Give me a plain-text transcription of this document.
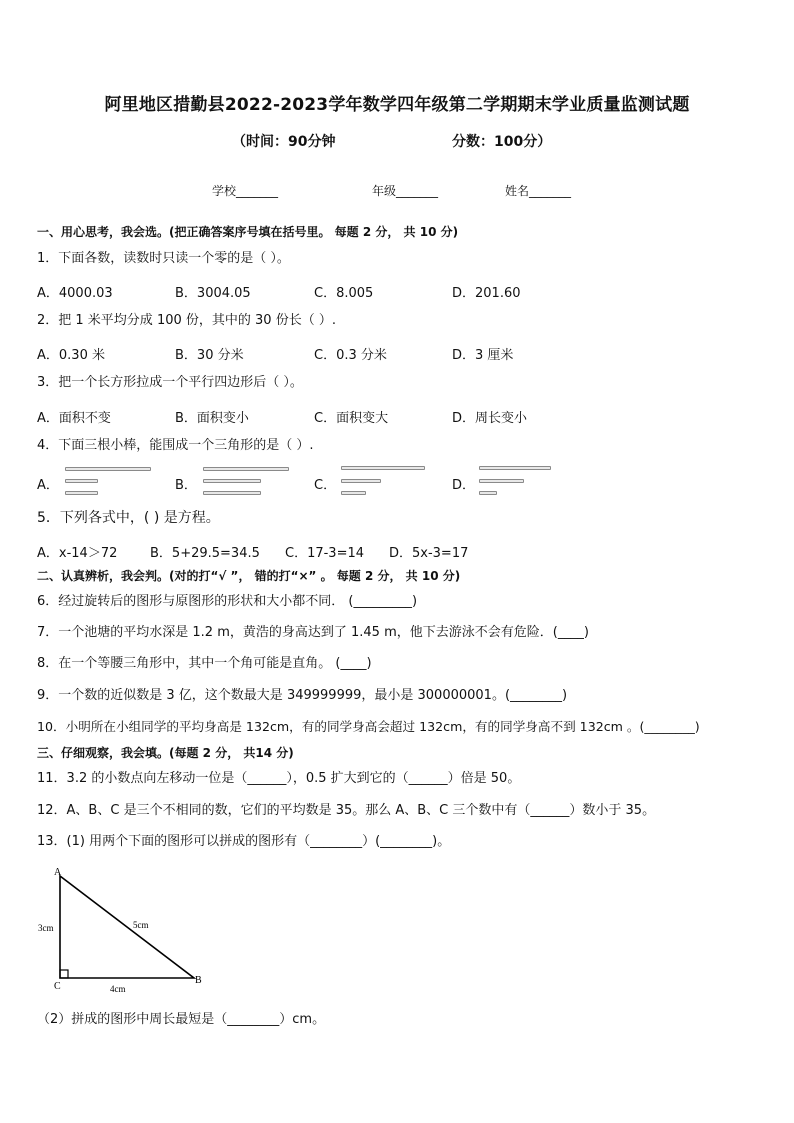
阿里地区措勤县2022-2023学年数学四年级第二学期期末学业质量监测试题
（时间：90分钟	分数：100分）
学校_______	年级_______	姓名_______
一、用心思考，我会选。(把正确答案序号填在括号里。 每题 2 分， 共 10 分)
1．下面各数，读数时只读一个零的是（ ）。
A．4000.03	B．3004.05	C．8.005	D．201.60
2．把 1 米平均分成 100 份，其中的 30 份长（ ）.
A．0.30 米	B．30 分米	C．0.3 分米	D．3 厘米
3．把一个长方形拉成一个平行四边形后（ ）。
A．面积不变	B．面积变小	C．面积变大	D．周长变小
4．下面三根小棒，能围成一个三角形的是（ ）.
A．	B．	C．	D．
5．下列各式中，( ) 是方程。
A．x-14＞72	B．5+29.5=34.5 C．17-3=14 D．5x-3=17
二、认真辨析，我会判。(对的打“√ ”， 错的打“×” 。 每题 2 分， 共 10 分)
6．经过旋转后的图形与原图形的形状和大小都不同． (_________)
7．一个池塘的平均水深是 1.2 m，黄浩的身高达到了 1.45 m，他下去游泳不会有危险．(____)
8．在一个等腰三角形中，其中一个角可能是直角。 (____)
9．一个数的近似数是 3 亿，这个数最大是 349999999，最小是 300000001。(________)
10．小明所在小组同学的平均身高是 132cm，有的同学身高会超过 132cm，有的同学身高不到 132cm 。(________)
三、仔细观察，我会填。(每题 2 分， 共14 分)
11．3.2 的小数点向左移动一位是（______），0.5 扩大到它的（______）倍是 50。
12．A、B、C 是三个不相同的数，它们的平均数是 35。那么 A、B、C 三个数中有（______）数小于 35。
13．(1) 用两个下面的图形可以拼成的图形有（________）(________)。
A
C
B
3cm	5cm
4cm
（2）拼成的图形中周长最短是（________）cm。
